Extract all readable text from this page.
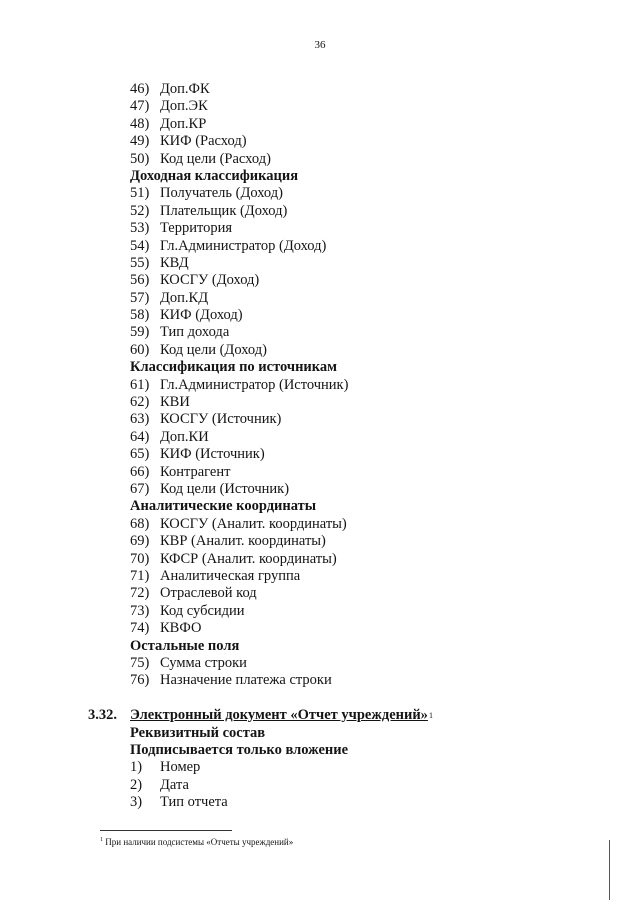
36
46) Доп.ФК
47) Доп.ЭК
48) Доп.КР
49) КИФ (Расход)
50) Код цели (Расход)
Доходная классификация
51) Получатель (Доход)
52) Плательщик (Доход)
53) Территория
54) Гл.Администратор (Доход)
55) КВД
56) КОСГУ (Доход)
57) Доп.КД
58) КИФ (Доход)
59) Тип дохода
60) Код цели (Доход)
Классификация по источникам
61) Гл.Администратор (Источник)
62) КВИ
63) КОСГУ (Источник)
64) Доп.КИ
65) КИФ (Источник)
66) Контрагент
67) Код цели (Источник)
Аналитические координаты
68) КОСГУ (Аналит. координаты)
69) КВР (Аналит. координаты)
70) КФСР (Аналит. координаты)
71) Аналитическая группа
72) Отраслевой код
73) Код субсидии
74) КВФО
Остальные поля
75) Сумма строки
76) Назначение платежа строки
3.32. Электронный документ «Отчет учреждений»$^1$
Реквизитный состав
Подписывается только вложение
1) Номер
2) Дата
3) Тип отчета
$^1$ При наличии подсистемы «Отчеты учреждений»
